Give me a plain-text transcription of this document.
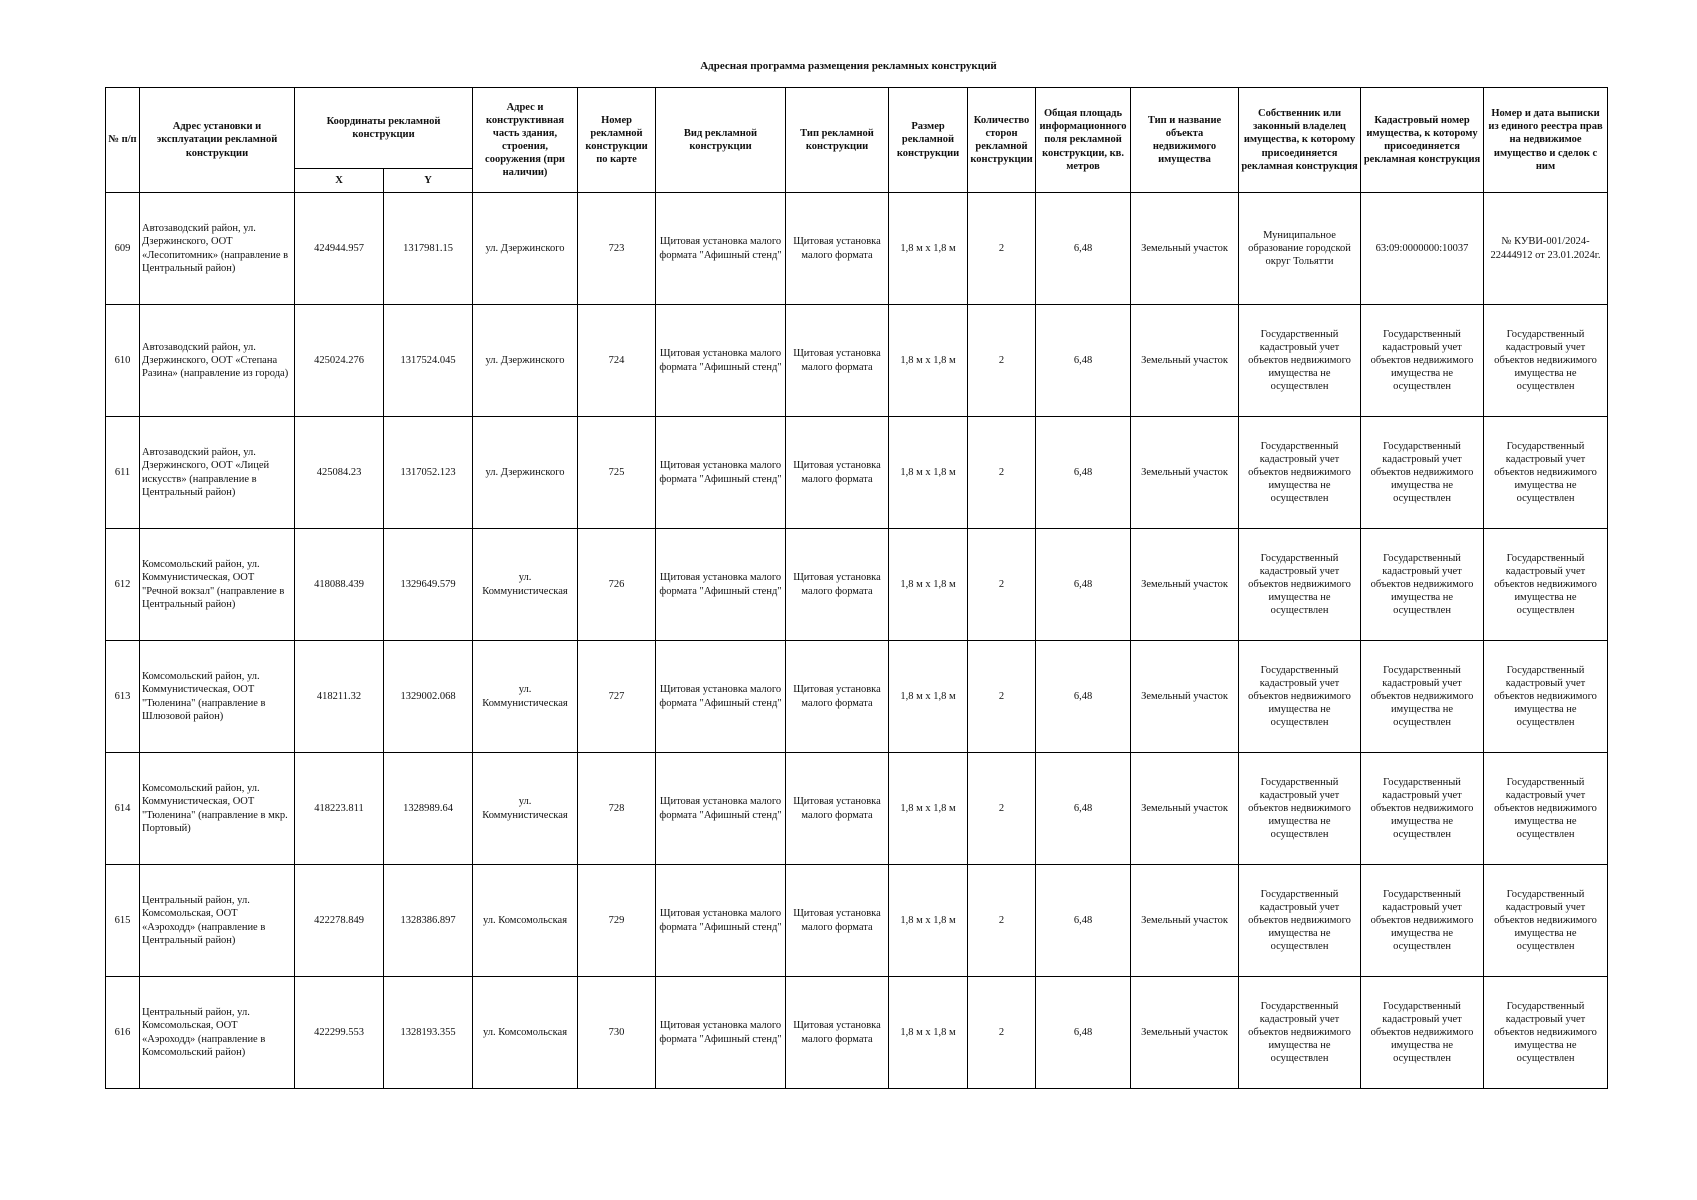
Адресная программа размещения рекламных конструкций
№ п/п	Адрес установки и эксплуатации рекламной конструкции	Координаты рекламной конструкции		Адрес и конструктивная часть здания, строения, сооружения (при наличии)	Номер рекламной конструкции по карте	Вид рекламной конструкции	Тип рекламной конструкции	Размер рекламной конструкции	Количество сторон рекламной конструкции	Общая площадь информационного поля рекламной конструкции, кв. метров	Тип и название объекта недвижимого имущества	Собственник или законный владелец имущества, к которому присоединяется рекламная конструкция	Кадастровый номер имущества, к которому присоединяется рекламная конструкция	Номер и дата выписки из единого реестра прав на недвижимое имущество и сделок с ним
		X	Y											
609	Автозаводский район, ул. Дзержинского, ООТ «Лесопитомник» (направление в Центральный район)	424944.957	1317981.15	ул. Дзержинского	723	Щитовая установка малого формата "Афишный стенд"	Щитовая установка малого формата	1,8 м х 1,8 м	2	6,48	Земельный участок	Муниципальное образование городской округ Тольятти	63:09:0000000:10037	№ КУВИ-001/2024-22444912 от 23.01.2024г.
610	Автозаводский район, ул. Дзержинского, ООТ «Степана Разина» (направление из города)	425024.276	1317524.045	ул. Дзержинского	724	Щитовая установка малого формата "Афишный стенд"	Щитовая установка малого формата	1,8 м х 1,8 м	2	6,48	Земельный участок	Государственный кадастровый учет объектов недвижимого имущества не осуществлен	Государственный кадастровый учет объектов недвижимого имущества не осуществлен	Государственный кадастровый учет объектов недвижимого имущества не осуществлен
611	Автозаводский район, ул. Дзержинского, ООТ «Лицей искусств» (направление в Центральный район)	425084.23	1317052.123	ул. Дзержинского	725	Щитовая установка малого формата "Афишный стенд"	Щитовая установка малого формата	1,8 м х 1,8 м	2	6,48	Земельный участок	Государственный кадастровый учет объектов недвижимого имущества не осуществлен	Государственный кадастровый учет объектов недвижимого имущества не осуществлен	Государственный кадастровый учет объектов недвижимого имущества не осуществлен
612	Комсомольский район, ул. Коммунистическая, ООТ "Речной вокзал" (направление в Центральный район)	418088.439	1329649.579	ул. Коммунистическая	726	Щитовая установка малого формата "Афишный стенд"	Щитовая установка малого формата	1,8 м х 1,8 м	2	6,48	Земельный участок	Государственный кадастровый учет объектов недвижимого имущества не осуществлен	Государственный кадастровый учет объектов недвижимого имущества не осуществлен	Государственный кадастровый учет объектов недвижимого имущества не осуществлен
613	Комсомольский район, ул. Коммунистическая, ООТ "Тюленина" (направление в Шлюзовой район)	418211.32	1329002.068	ул. Коммунистическая	727	Щитовая установка малого формата "Афишный стенд"	Щитовая установка малого формата	1,8 м х 1,8 м	2	6,48	Земельный участок	Государственный кадастровый учет объектов недвижимого имущества не осуществлен	Государственный кадастровый учет объектов недвижимого имущества не осуществлен	Государственный кадастровый учет объектов недвижимого имущества не осуществлен
614	Комсомольский район, ул. Коммунистическая, ООТ "Тюленина" (направление в мкр. Портовый)	418223.811	1328989.64	ул. Коммунистическая	728	Щитовая установка малого формата "Афишный стенд"	Щитовая установка малого формата	1,8 м х 1,8 м	2	6,48	Земельный участок	Государственный кадастровый учет объектов недвижимого имущества не осуществлен	Государственный кадастровый учет объектов недвижимого имущества не осуществлен	Государственный кадастровый учет объектов недвижимого имущества не осуществлен
615	Центральный район, ул. Комсомольская, ООТ «Аэроходд» (направление в Центральный район)	422278.849	1328386.897	ул. Комсомольская	729	Щитовая установка малого формата "Афишный стенд"	Щитовая установка малого формата	1,8 м х 1,8 м	2	6,48	Земельный участок	Государственный кадастровый учет объектов недвижимого имущества не осуществлен	Государственный кадастровый учет объектов недвижимого имущества не осуществлен	Государственный кадастровый учет объектов недвижимого имущества не осуществлен
616	Центральный район, ул. Комсомольская, ООТ «Аэроходд» (направление в Комсомольский район)	422299.553	1328193.355	ул. Комсомольская	730	Щитовая установка малого формата "Афишный стенд"	Щитовая установка малого формата	1,8 м х 1,8 м	2	6,48	Земельный участок	Государственный кадастровый учет объектов недвижимого имущества не осуществлен	Государственный кадастровый учет объектов недвижимого имущества не осуществлен	Государственный кадастровый учет объектов недвижимого имущества не осуществлен
